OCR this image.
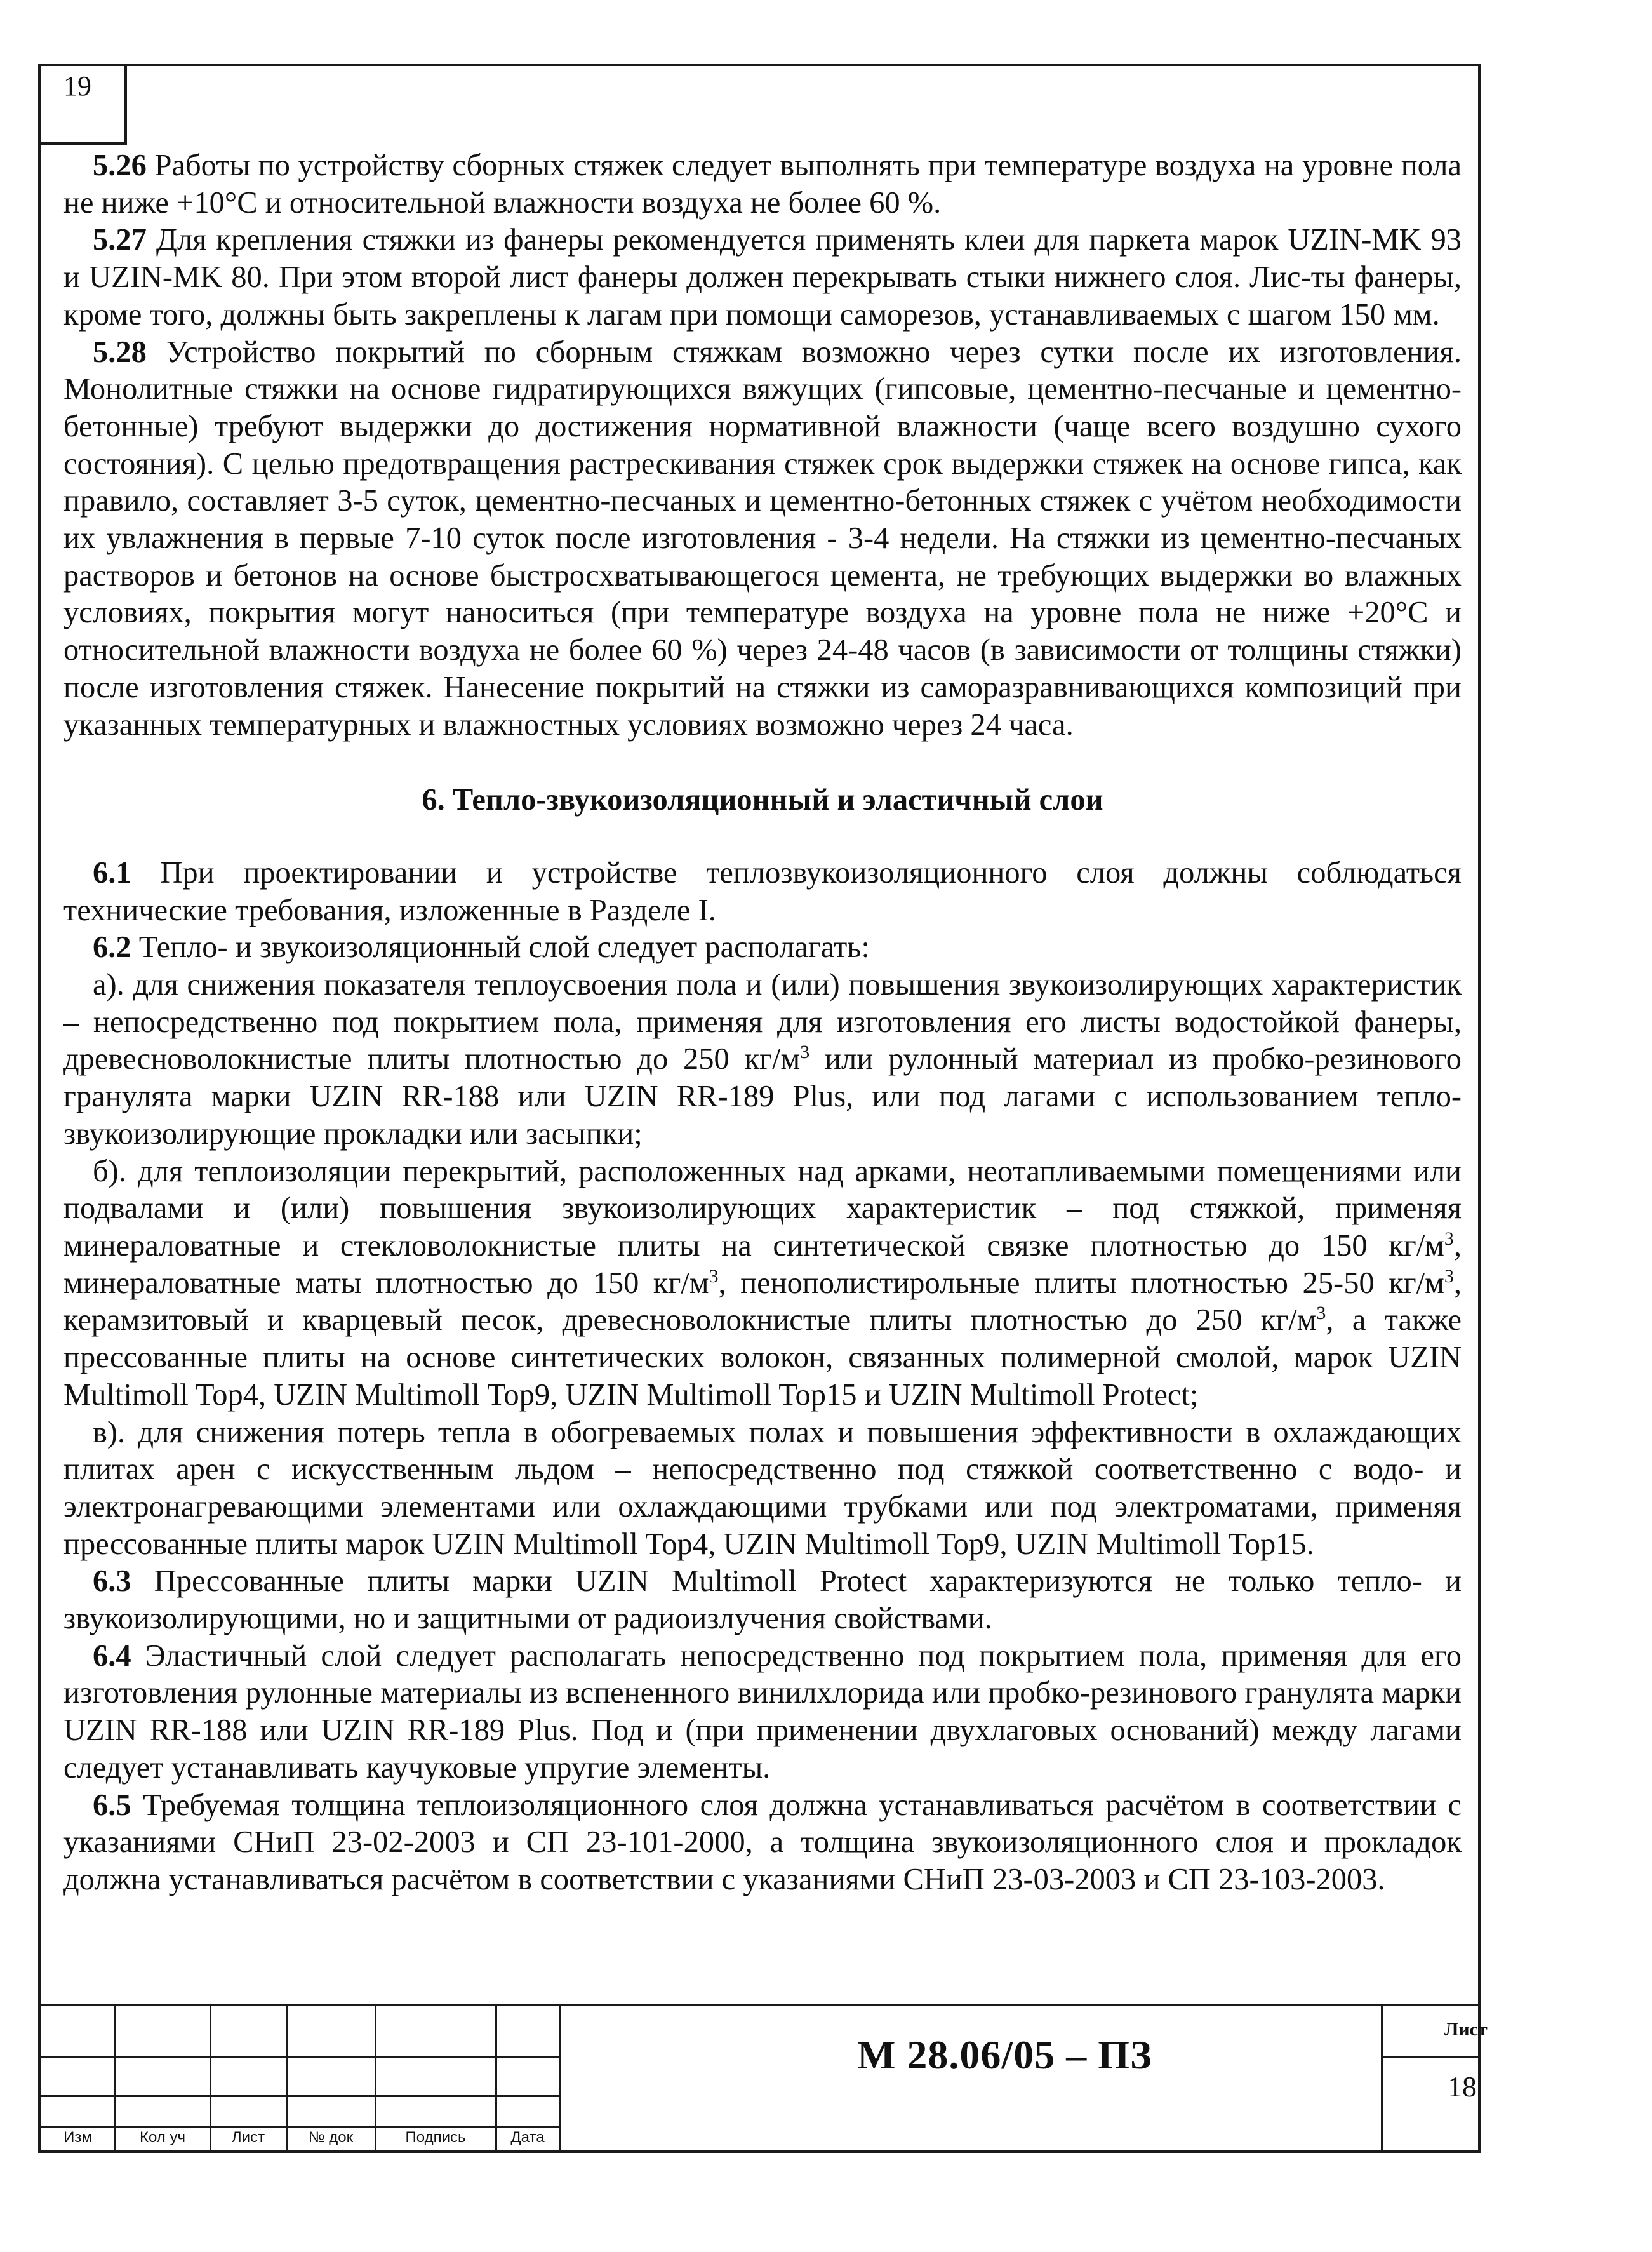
19

5.26 Работы по устройству сборных стяжек следует выполнять при температуре воздуха на уровне пола не ниже +10°С и относительной влажности воздуха не более 60 %.

5.27 Для крепления стяжки из фанеры рекомендуется применять клеи для паркета марок UZIN-MK 93 и UZIN-MK 80. При этом второй лист фанеры должен перекрывать стыки нижнего слоя. Лис-ты фанеры, кроме того, должны быть закреплены к лагам при помощи саморезов, устанавливаемых с шагом 150 мм.

5.28 Устройство покрытий по сборным стяжкам возможно через сутки после их изготовления. Монолитные стяжки на основе гидратирующихся вяжущих (гипсовые, цементно-песчаные и цементно-бетонные) требуют выдержки до достижения нормативной влажности (чаще всего воздушно сухого состояния). С целью предотвращения растрескивания стяжек срок выдержки стяжек на основе гипса, как правило, составляет 3-5 суток, цементно-песчаных и цементно-бетонных стяжек с учётом необходимости их увлажнения в первые 7-10 суток после изготовления - 3-4 недели. На стяжки из цементно-песчаных растворов и бетонов на основе быстросхватывающегося цемента, не требующих выдержки во влажных условиях, покрытия могут наноситься (при температуре воздуха на уровне пола не ниже +20°С и относительной влажности воздуха не более 60 %) через 24-48 часов (в зависимости от толщины стяжки) после изготовления стяжек. Нанесение покрытий на стяжки из саморазравнивающихся композиций при указанных температурных и влажностных условиях возможно через 24 часа.

6. Тепло-звукоизоляционный и эластичный слои

6.1 При проектировании и устройстве теплозвукоизоляционного слоя должны соблюдаться технические требования, изложенные в Разделе I.

6.2 Тепло- и звукоизоляционный слой следует располагать:

а). для снижения показателя теплоусвоения пола и (или) повышения звукоизолирующих характеристик – непосредственно под покрытием пола, применяя для изготовления его листы водостойкой фанеры, древесноволокнистые плиты плотностью до 250 $кг/м^3$ или рулонный материал из пробко-резинового гранулята марки UZIN RR-188 или UZIN RR-189 Plus, или под лагами с использованием тепло-звукоизолирующие прокладки или засыпки;

б). для теплоизоляции перекрытий, расположенных над арками, неотапливаемыми помещениями или подвалами и (или) повышения звукоизолирующих характеристик – под стяжкой, применяя минераловатные и стекловолокнистые плиты на синтетической связке плотностью до 150 $кг/м^3$, минераловатные маты плотностью до 150 $кг/м^3$, пенополистирольные плиты плотностью 25-50 $кг/м^3$, керамзитовый и кварцевый песок, древесноволокнистые плиты плотностью до 250 $кг/м^3$, а также прессованные плиты на основе синтетических волокон, связанных полимерной смолой, марок UZIN Multimoll Top4, UZIN Multimoll Top9, UZIN Multimoll Top15 и UZIN Multimoll Protect;

в). для снижения потерь тепла в обогреваемых полах и повышения эффективности в охлаждающих плитах арен с искусственным льдом – непосредственно под стяжкой соответственно с водо- и электронагревающими элементами или охлаждающими трубками или под электроматами, применяя прессованные плиты марок UZIN Multimoll Top4, UZIN Multimoll Top9, UZIN Multimoll Top15.

6.3 Прессованные плиты марки UZIN Multimoll Protect характеризуются не только тепло- и звукоизолирующими, но и защитными от радиоизлучения свойствами.

6.4 Эластичный слой следует располагать непосредственно под покрытием пола, применяя для его изготовления рулонные материалы из вспененного винилхлорида или пробко-резинового гранулята марки UZIN RR-188 или UZIN RR-189 Plus. Под и (при применении двухлаговых оснований) между лагами следует устанавливать каучуковые упругие элементы.

6.5 Требуемая толщина теплоизоляционного слоя должна устанавливаться расчётом в соответствии с указаниями СНиП 23-02-2003 и СП 23-101-2000, а толщина звукоизоляционного слоя и прокладок должна устанавливаться расчётом в соответствии с указаниями СНиП 23-03-2003 и СП 23-103-2003.

Изм	Кол уч	Лист	№ док	Подпись	Дата
М 28.06/05 – ПЗ
Лист
18
